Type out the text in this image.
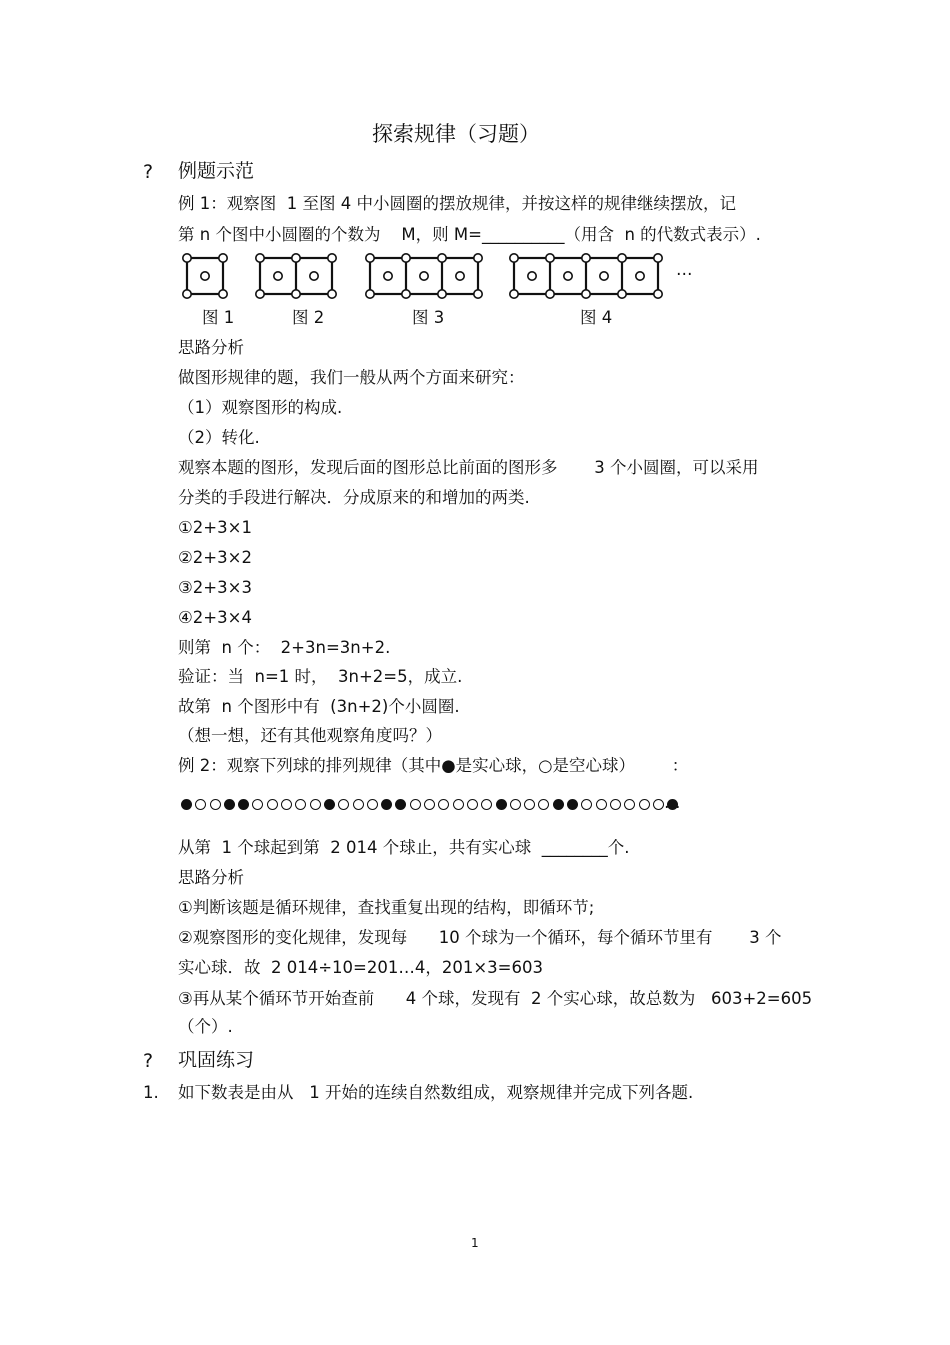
探索规律（习题）
? 例题示范
例 1：观察图  1 至图 4 中小圆圈的摆放规律，并按这样的规律继续摆放，记
第 n 个图中小圆圈的个数为    M，则 M=__________（用含  n 的代数式表示）.
…
图 1	图 2	图 3	图 4
思路分析
做图形规律的题，我们一般从两个方面来研究：
（1）观察图形的构成.
（2）转化.
观察本题的图形，发现后面的图形总比前面的图形多       3 个小圆圈，可以采用
分类的手段进行解决．分成原来的和增加的两类.
①2+3×1
②2+3×2
③2+3×3
④2+3×4
则第  n 个：  2+3n=3n+2.
验证：当  n=1 时，  3n+2=5，成立.
故第  n 个图形中有  (3n+2)个小圆圈.
（想一想，还有其他观察角度吗？）
例 2：观察下列球的排列规律（其中●是实心球，○是空心球）       ：
…
从第  1 个球起到第  2 014 个球止，共有实心球  ________个.
思路分析
①判断该题是循环规律，查找重复出现的结构，即循环节;
②观察图形的变化规律，发现每      10 个球为一个循环，每个循环节里有       3 个
实心球．故  2 014÷10=201…4，201×3=603
③再从某个循环节开始查前      4 个球，发现有  2 个实心球，故总数为   603+2=605
（个）.
? 巩固练习
1. 如下数表是由从   1 开始的连续自然数组成，观察规律并完成下列各题.
1
